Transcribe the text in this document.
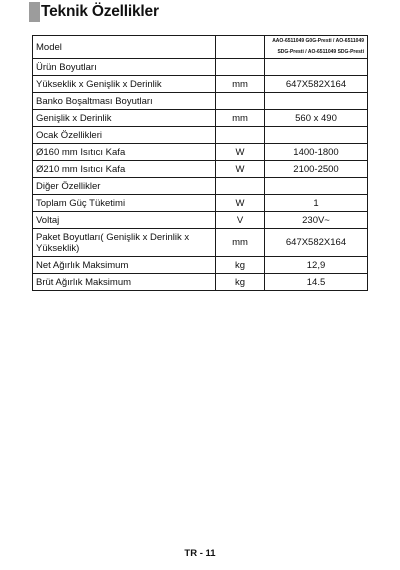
Teknik Özellikler
Model		AAO-6511049 G0G-Presti / AO-6511049 SDG-Presti / AO-6511049 SDG-Presti
Ürün Boyutları		
Yükseklik x Genişlik x Derinlik	mm	647X582X164
Banko Boşaltması Boyutları		
Genişlik x Derinlik	mm	560 x 490
Ocak Özellikleri		
Ø160 mm Isıtıcı Kafa	W	1400-1800
Ø210 mm Isıtıcı Kafa	W	2100-2500
Diğer Özellikler		
Toplam Güç Tüketimi	W	1
Voltaj	V	230V~
Paket Boyutları( Genişlik x Derinlik x Yükseklik)	mm	647X582X164
Net Ağırlık Maksimum	kg	12,9
Brüt Ağırlık Maksimum	kg	14.5
TR - 11
